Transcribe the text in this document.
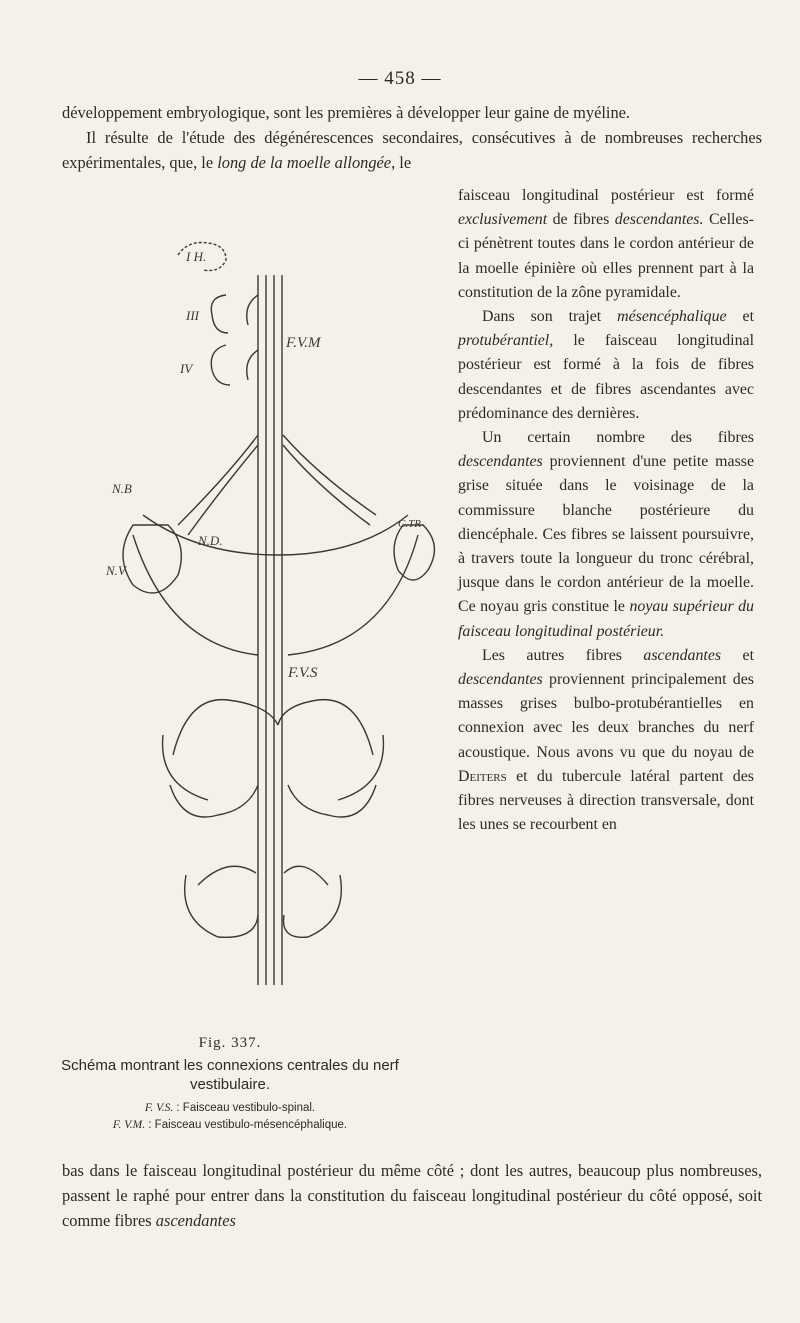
— 458 —
développement embryologique, sont les premières à développer leur gaine de myéline.
Il résulte de l'étude des dégénérescences secondaires, consécutives à de nombreuses recherches expérimentales, que, le long de la moelle allongée, le
faisceau longitudinal postérieur est formé exclusivement de fibres descendantes. Celles-ci pénètrent toutes dans le cordon antérieur de la moelle épinière où elles prennent part à la constitution de la zône pyramidale.
Dans son trajet mésencéphalique et protubérantiel, le faisceau longitudinal postérieur est formé à la fois de fibres descendantes et de fibres ascendantes avec prédominance des dernières.
Un certain nombre des fibres descendantes proviennent d'une petite masse grise située dans le voisinage de la commissure blanche postérieure du diencéphale. Ces fibres se laissent poursuivre, à travers toute la longueur du tronc cérébral, jusque dans le cordon antérieur de la moelle. Ce noyau gris constitue le noyau supérieur du faisceau longitudinal postérieur.
Les autres fibres ascendantes et descendantes proviennent principalement des masses grises bulbo-protubérantielles en connexion avec les deux branches du nerf acoustique. Nous avons vu que du noyau de Deiters et du tubercule latéral partent des fibres nerveuses à direction transversale, dont les unes se recourbent en
I H.
III
IV
F.V.M
N.B
N.D.
N.V
C.TR
F.V.S
Fig. 337.
Schéma montrant les connexions centrales du nerf vestibulaire.
F. V.S. : Faisceau vestibulo-spinal.
F. V.M. : Faisceau vestibulo-mésencéphalique.
bas dans le faisceau longitudinal postérieur du même côté ; dont les autres, beaucoup plus nombreuses, passent le raphé pour entrer dans la constitution du faisceau longitudinal postérieur du côté opposé, soit comme fibres ascendantes
